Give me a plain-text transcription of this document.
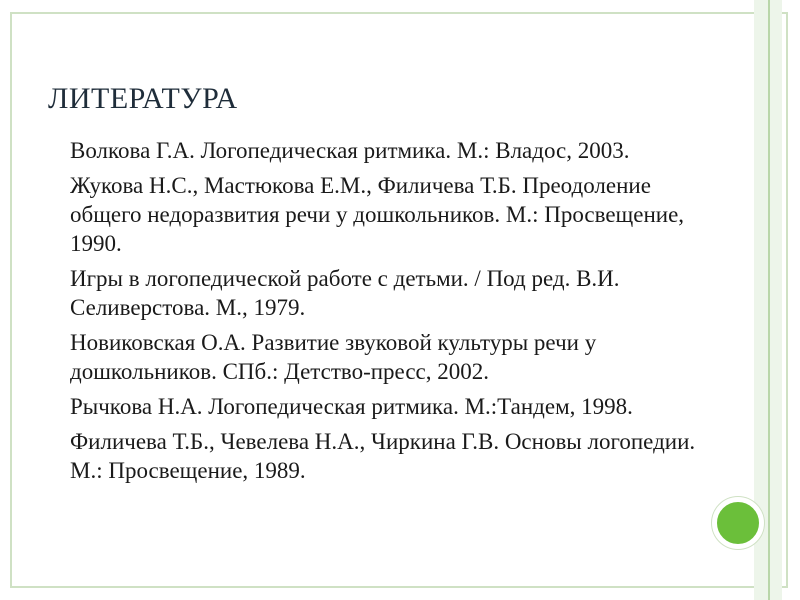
ЛИТЕРАТУРА
Волкова Г.А. Логопедическая ритмика. М.: Владос, 2003.
Жукова Н.С., Мастюкова Е.М., Филичева Т.Б. Преодоление общего недоразвития речи у дошкольников. М.: Просвещение, 1990.
Игры в логопедической работе с детьми. / Под ред. В.И. Селиверстова. М., 1979.
Новиковская О.А. Развитие звуковой культуры речи у дошкольников. СПб.: Детство-пресс, 2002.
Рычкова Н.А. Логопедическая ритмика. М.:Тандем, 1998.
Филичева Т.Б., Чевелева Н.А., Чиркина Г.В. Основы логопедии. М.: Просвещение, 1989.
